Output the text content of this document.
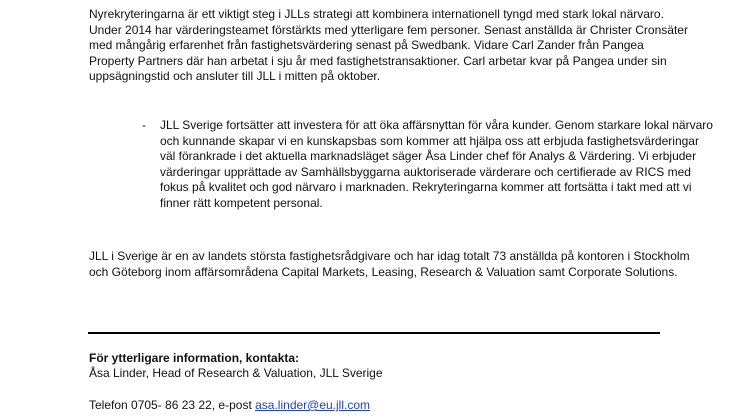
Nyrekryteringarna är ett viktigt steg i JLLs strategi att kombinera internationell tyngd med stark lokal närvaro.
Under 2014 har värderingsteamet förstärkts med ytterligare fem personer. Senast anställda är Christer Cronsäter
med mångårig erfarenhet från fastighetsvärdering senast på Swedbank. Vidare Carl Zander från Pangea
Property Partners där han arbetat i sju år med fastighetstransaktioner. Carl arbetar kvar på Pangea under sin
uppsägningstid och ansluter till JLL i mitten på oktober.

- JLL Sverige fortsätter att investera för att öka affärsnyttan för våra kunder. Genom starkare lokal närvaro
och kunnande skapar vi en kunskapsbas som kommer att hjälpa oss att erbjuda fastighetsvärderingar
väl förankrade i det aktuella marknadsläget säger Åsa Linder chef för Analys & Värdering. Vi erbjuder
värderingar upprättade av Samhällsbyggarna auktoriserade värderare och certifierade av RICS med
fokus på kvalitet och god närvaro i marknaden. Rekryteringarna kommer att fortsätta i takt med att vi
finner rätt kompetent personal.

JLL i Sverige är en av landets största fastighetsrådgivare och har idag totalt 73 anställda på kontoren i Stockholm
och Göteborg inom affärsområdena Capital Markets, Leasing, Research & Valuation samt Corporate Solutions.

För ytterligare information, kontakta:

Åsa Linder, Head of Research & Valuation, JLL Sverige

Telefon 0705- 86 23 22, e-post asa.linder@eu.jll.com
